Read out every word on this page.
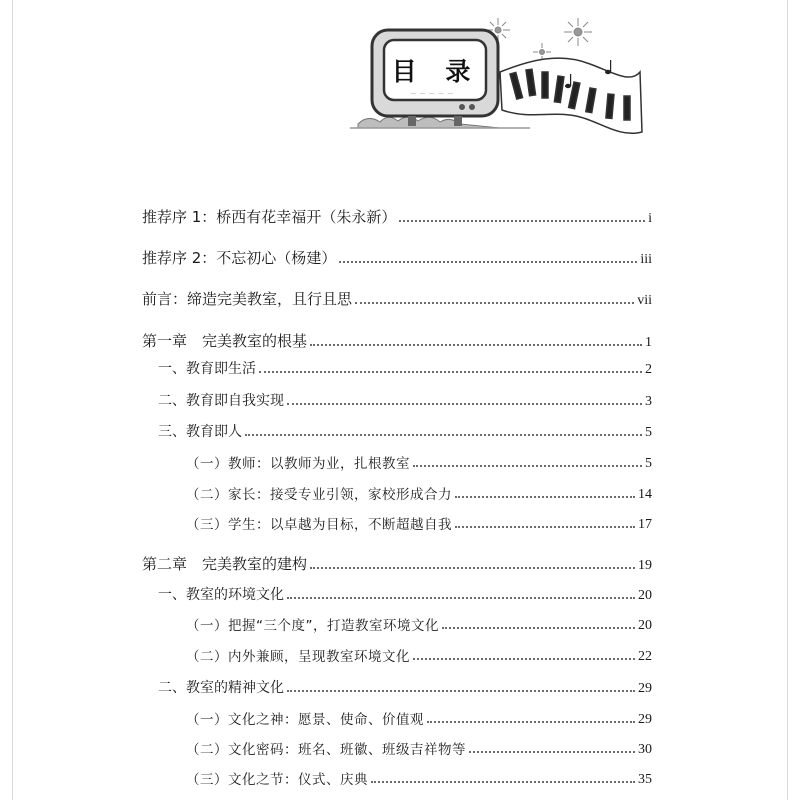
~ ~ ~ ~ ~
目 录
推荐序 1：桥西有花幸福开（朱永新）	i
推荐序 2：不忘初心（杨建）	iii
前言：缔造完美教室，且行且思	vii
第一章　完美教室的根基	1
一、教育即生活	2
二、教育即自我实现	3
三、教育即人	5
（一）教师：以教师为业，扎根教室	5
（二）家长：接受专业引领，家校形成合力	14
（三）学生：以卓越为目标，不断超越自我	17
第二章　完美教室的建构	19
一、教室的环境文化	20
（一）把握“三个度”，打造教室环境文化	20
（二）内外兼顾，呈现教室环境文化	22
二、教室的精神文化	29
（一）文化之神：愿景、使命、价值观	29
（二）文化密码：班名、班徽、班级吉祥物等	30
（三）文化之节：仪式、庆典	35
